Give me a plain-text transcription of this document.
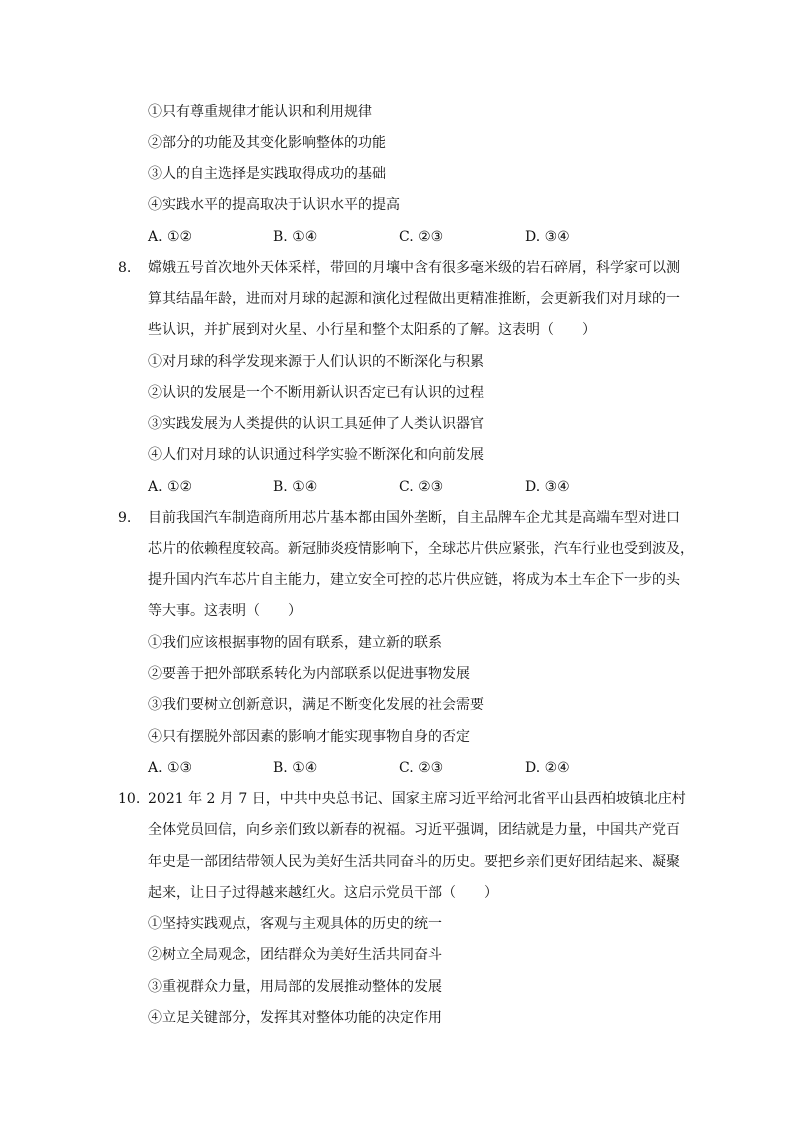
①只有尊重规律才能认识和利用规律
②部分的功能及其变化影响整体的功能
③人的自主选择是实践取得成功的基础
④实践水平的提高取决于认识水平的提高
A. ①②	B. ①④	C. ②③	D. ③④
8. 嫦娥五号首次地外天体采样，带回的月壤中含有很多毫米级的岩石碎屑，科学家可以测
算其结晶年龄，进而对月球的起源和演化过程做出更精准推断，会更新我们对月球的一
些认识，并扩展到对火星、小行星和整个太阳系的了解。这表明（　　）
①对月球的科学发现来源于人们认识的不断深化与积累
②认识的发展是一个不断用新认识否定已有认识的过程
③实践发展为人类提供的认识工具延伸了人类认识器官
④人们对月球的认识通过科学实验不断深化和向前发展
A. ①②	B. ①④	C. ②③	D. ③④
9. 目前我国汽车制造商所用芯片基本都由国外垄断，自主品牌车企尤其是高端车型对进口
芯片的依赖程度较高。新冠肺炎疫情影响下，全球芯片供应紧张，汽车行业也受到波及，
提升国内汽车芯片自主能力，建立安全可控的芯片供应链，将成为本土车企下一步的头
等大事。这表明（　　）
①我们应该根据事物的固有联系，建立新的联系
②要善于把外部联系转化为内部联系以促进事物发展
③我们要树立创新意识，满足不断变化发展的社会需要
④只有摆脱外部因素的影响才能实现事物自身的否定
A. ①③	B. ①④	C. ②③	D. ②④
10. 2021 年 2 月 7 日，中共中央总书记、国家主席习近平给河北省平山县西柏坡镇北庄村
全体党员回信，向乡亲们致以新春的祝福。习近平强调，团结就是力量，中国共产党百
年史是一部团结带领人民为美好生活共同奋斗的历史。要把乡亲们更好团结起来、凝聚
起来，让日子过得越来越红火。这启示党员干部（　　）
①坚持实践观点，客观与主观具体的历史的统一
②树立全局观念，团结群众为美好生活共同奋斗
③重视群众力量，用局部的发展推动整体的发展
④立足关键部分，发挥其对整体功能的决定作用
